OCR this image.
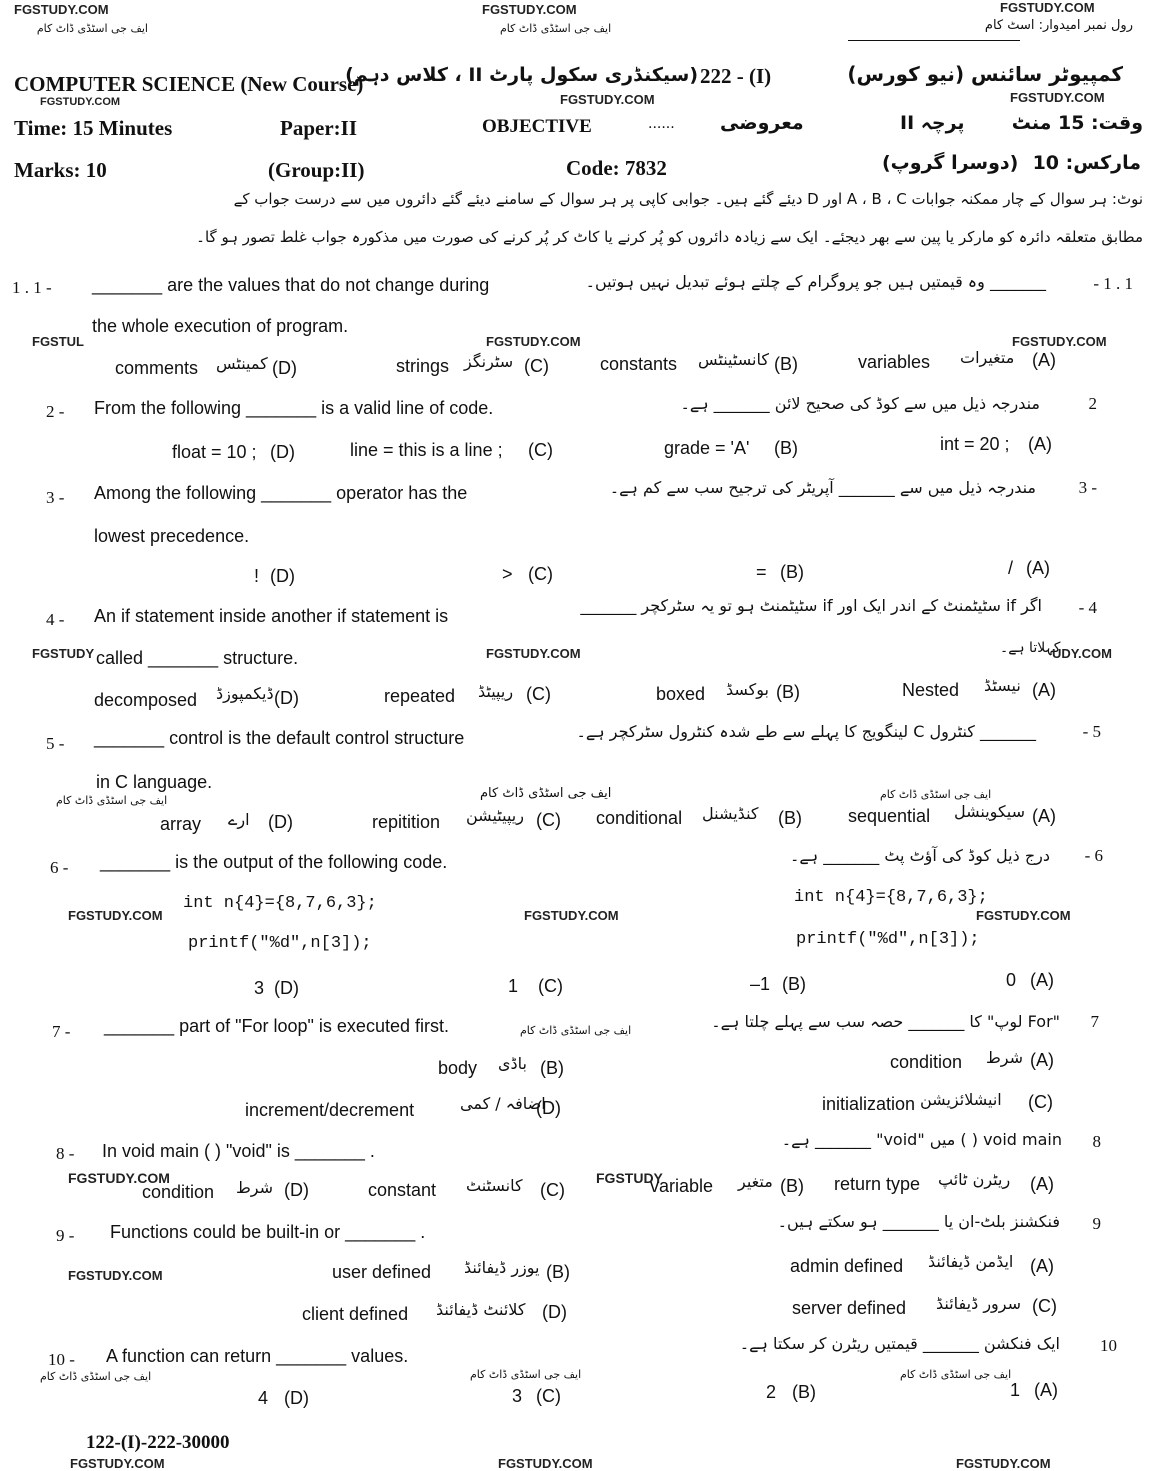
FGSTUDY.COM	FGSTUDY.COM	FGSTUDY.COM
ایف جی اسٹڈی ڈاٹ کام	ایف جی اسٹڈی ڈاٹ کام	رول نمبر امیدوار: اسٹ کام
COMPUTER SCIENCE (New Course)
FGSTUDY.COM
(سیکنڈری سکول پارٹ II ، کلاس دہم) 222 - (I)
FGSTUDY.COM
کمپیوٹر سائنس (نیو کورس)
FGSTUDY.COM
Time: 15 Minutes	Paper:II	OBJECTIVE	...... معروضی	پرچہ II وقت: 15 منٹ
Marks: 10	(Group:II)	Code: 7832	(دوسرا گروپ) مارکس: 10
نوٹ: ہر سوال کے چار ممکنہ جوابات A ، B ، C اور D دیئے گئے ہیں۔ جوابی کاپی پر ہر سوال کے سامنے دیئے گئے دائروں میں سے درست جواب کے
مطابق متعلقہ دائرہ کو مارکر یا پین سے بھر دیجئے۔ ایک سے زیادہ دائروں کو پُر کرنے یا کاٹ کر پُر کرنے کی صورت میں مذکورہ جواب غلط تصور ہو گا۔
1 . 1 - _______ are the values that do not change during	_______ وہ قیمتیں ہیں جو پروگرام کے چلتے ہوئے تبدیل نہیں ہوتیں۔	- 1 . 1
the whole execution of program.
FGSTUL	FGSTUDY.COM	FGSTUDY.COM
comments کمینٹس (D)	strings سٹرنگز (C)	constants کانسٹینٹس (B)	variables متغیرات (A)
2 - From the following _______ is a valid line of code.	مندرجہ ذیل میں سے کوڈ کی صحیح لائن _______ ہے۔	2
float = 10 ; (D)	line = this is a line ; (C)	grade = 'A' (B)	int = 20 ; (A)
3 - Among the following _______ operator has the	مندرجہ ذیل میں سے _______ آپریٹر کی ترجیح سب سے کم ہے۔	3 -
lowest precedence.
! (D)	> (C)	= (B)	/ (A)
4 - An if statement inside another if statement is
اگر if سٹیٹمنٹ کے اندر ایک اور if سٹیٹمنٹ ہو تو یہ سٹرکچر _______ - 4
FGSTUDY called _______ structure.	FGSTUDY.COM	کہلاتا ہے۔
UDY.COM
decomposed ڈیکمپوزڈ (D)	repeated ریپیٹڈ (C)	boxed بوکسڈ (B)	Nested نیسٹڈ (A)
5 - _______ control is the default control structure	_______ کنٹرول C لینگویج کا پہلے سے طے شدہ کنٹرول سٹرکچر ہے۔	- 5
in C language.
ایف جی اسٹڈی ڈاٹ کام	ایف جی اسٹڈی ڈاٹ کام	ایف جی اسٹڈی ڈاٹ کام
array ارے (D)	repitition ریپیٹیشن (C) conditional کنڈیشنل (B)	sequential سیکوینشل (A)
6 - _______ is the output of the following code.	درج ذیل کوڈ کی آؤٹ پٹ _______ ہے۔ - 6
FGSTUDY.COM
int n{4}={8,7,6,3};
FGSTUDY.COM
int n{4}={8,7,6,3};
FGSTUDY.COM
printf("%d",n[3]);	printf("%d",n[3]);
3 (D)	1 (C)	–1 (B)	0 (A)
7 - _______ part of "For loop" is executed first.	ایف جی اسٹڈی ڈاٹ کام	"For لوپ" کا _______ حصہ سب سے پہلے چلتا ہے۔ 7
condition شرط (A)
body باڈی (B)
initialization انیشلائزیشن (C)
increment/decrement	اضافہ / کمی
(D)
8 - In void main ( ) "void" is _______ .
void main ( ) میں "void" _______ ہے۔ 8
FGSTUDY.COM
condition شرط (D)	constant کانسٹنٹ (C)
FGSTUDY
variable متغیر (B) return type ریٹرن ٹائپ (A)
9 - Functions could be built-in or _______ .
فنکشنز بلٹ-ان یا _______ ہو سکتے ہیں۔ 9
FGSTUDY.COM	user defined یوزر ڈیفائنڈ (B)	admin defined ایڈمن ڈیفائنڈ (A)
client defined کلائنٹ ڈیفائنڈ (D)	server defined سرور ڈیفائنڈ (C)
10 - A function can return _______ values.
ایک فنکشن _______ قیمتیں ریٹرن کر سکتا ہے۔ 10
ایف جی اسٹڈی ڈاٹ کام	ایف جی اسٹڈی ڈاٹ کام	ایف جی اسٹڈی ڈاٹ کام
4 (D)	3 (C)	2 (B)	1 (A)
122-(I)-222-30000
FGSTUDY.COM	FGSTUDY.COM	FGSTUDY.COM
